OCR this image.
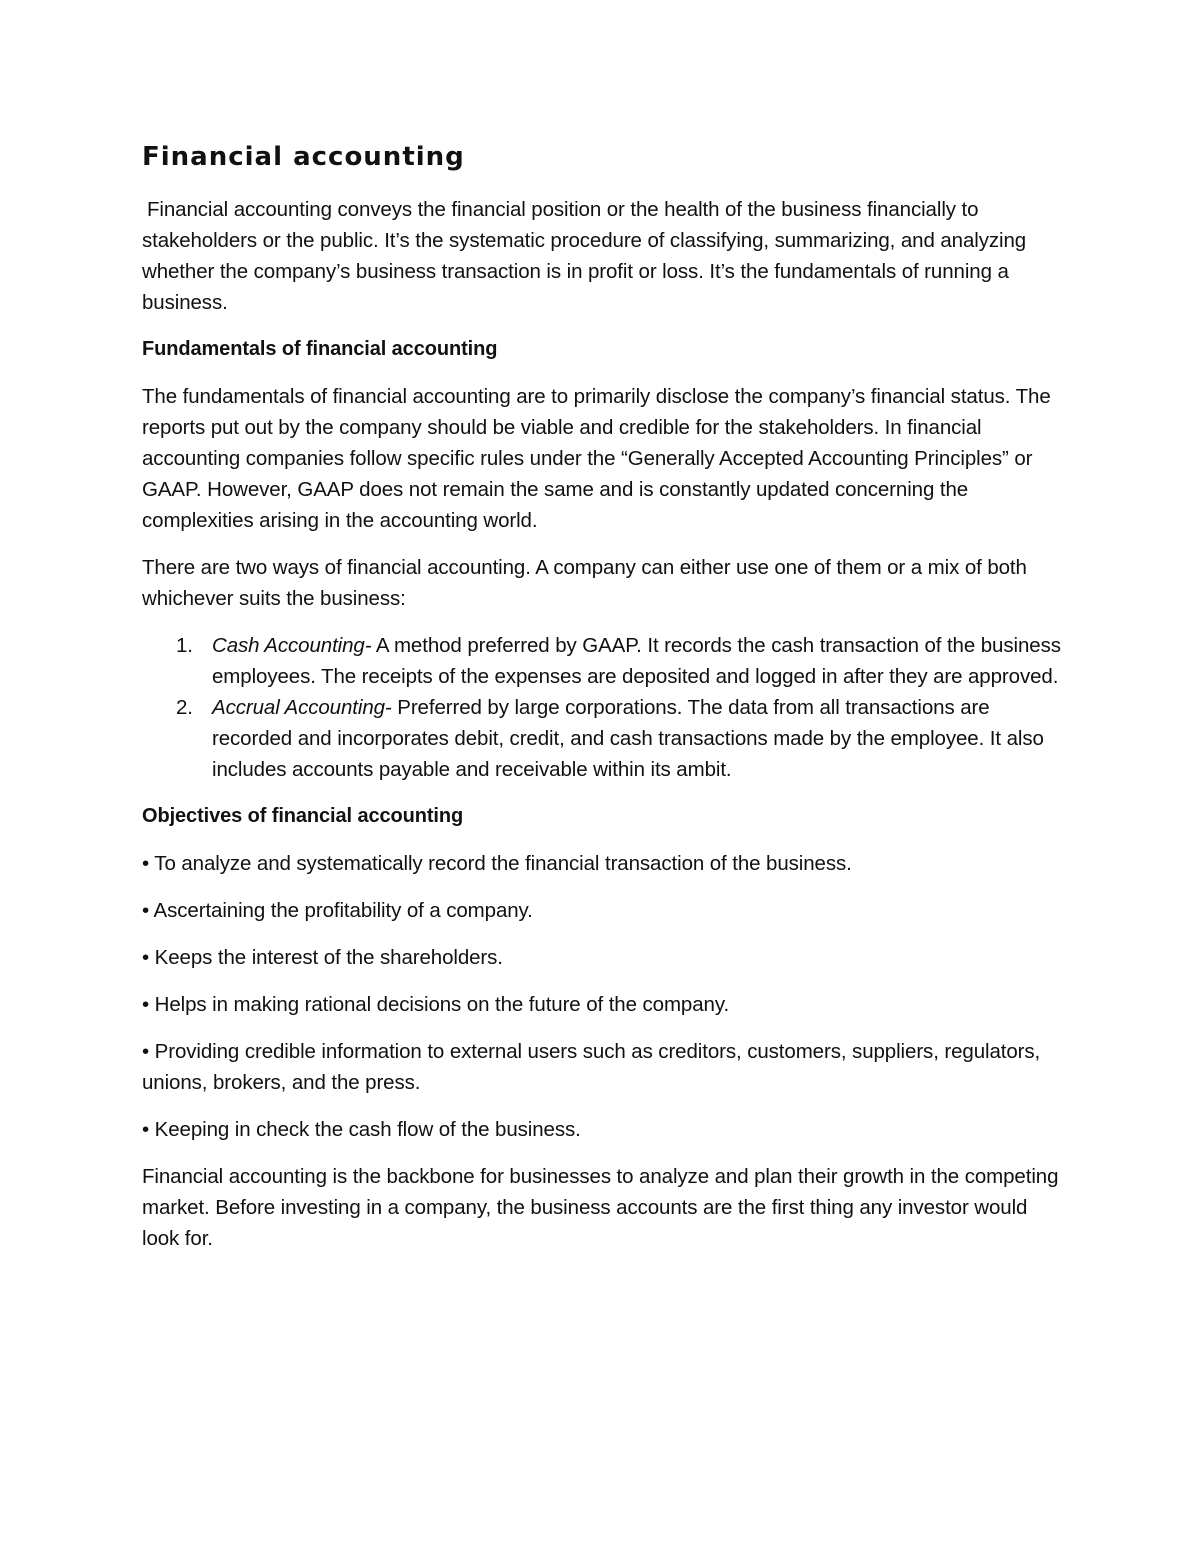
Financial accounting

Financial accounting conveys the financial position or the health of the business financially to stakeholders or the public. It’s the systematic procedure of classifying, summarizing, and analyzing whether the company’s business transaction is in profit or loss. It’s the fundamentals of running a business.

Fundamentals of financial accounting

The fundamentals of financial accounting are to primarily disclose the company’s financial status. The reports put out by the company should be viable and credible for the stakeholders. In financial accounting companies follow specific rules under the “Generally Accepted Accounting Principles” or GAAP. However, GAAP does not remain the same and is constantly updated concerning the complexities arising in the accounting world.

There are two ways of financial accounting. A company can either use one of them or a mix of both whichever suits the business:

1. Cash Accounting- A method preferred by GAAP. It records the cash transaction of the business employees. The receipts of the expenses are deposited and logged in after they are approved.
2. Accrual Accounting- Preferred by large corporations. The data from all transactions are recorded and incorporates debit, credit, and cash transactions made by the employee. It also includes accounts payable and receivable within its ambit.
Objectives of financial accounting

• To analyze and systematically record the financial transaction of the business.

• Ascertaining the profitability of a company.

• Keeps the interest of the shareholders.

• Helps in making rational decisions on the future of the company.

• Providing credible information to external users such as creditors, customers, suppliers, regulators, unions, brokers, and the press.

• Keeping in check the cash flow of the business.

Financial accounting is the backbone for businesses to analyze and plan their growth in the competing market. Before investing in a company, the business accounts are the first thing any investor would look for.
